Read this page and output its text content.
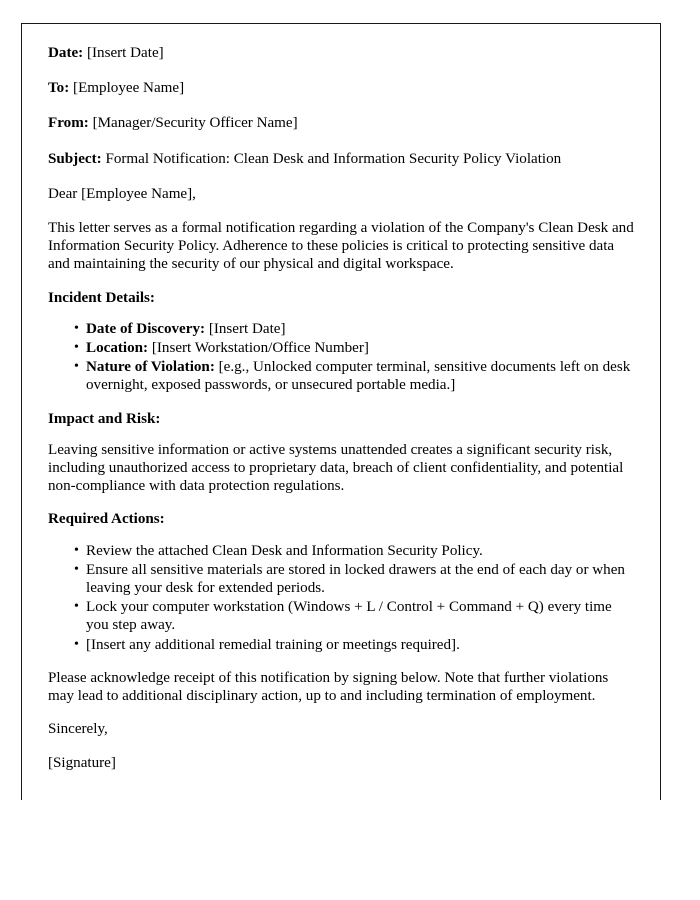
Date: [Insert Date]
To: [Employee Name]
From: [Manager/Security Officer Name]
Subject: Formal Notification: Clean Desk and Information Security Policy Violation
Dear [Employee Name],
This letter serves as a formal notification regarding a violation of the Company's Clean Desk and Information Security Policy. Adherence to these policies is critical to protecting sensitive data and maintaining the security of our physical and digital workspace.
Incident Details:
• Date of Discovery: [Insert Date]
• Location: [Insert Workstation/Office Number]
• Nature of Violation: [e.g., Unlocked computer terminal, sensitive documents left on desk overnight, exposed passwords, or unsecured portable media.]
Impact and Risk:
Leaving sensitive information or active systems unattended creates a significant security risk, including unauthorized access to proprietary data, breach of client confidentiality, and potential non-compliance with data protection regulations.
Required Actions:
• Review the attached Clean Desk and Information Security Policy.
• Ensure all sensitive materials are stored in locked drawers at the end of each day or when leaving your desk for extended periods.
• Lock your computer workstation (Windows + L / Control + Command + Q) every time you step away.
• [Insert any additional remedial training or meetings required].
Please acknowledge receipt of this notification by signing below. Note that further violations may lead to additional disciplinary action, up to and including termination of employment.
Sincerely,
[Signature]
